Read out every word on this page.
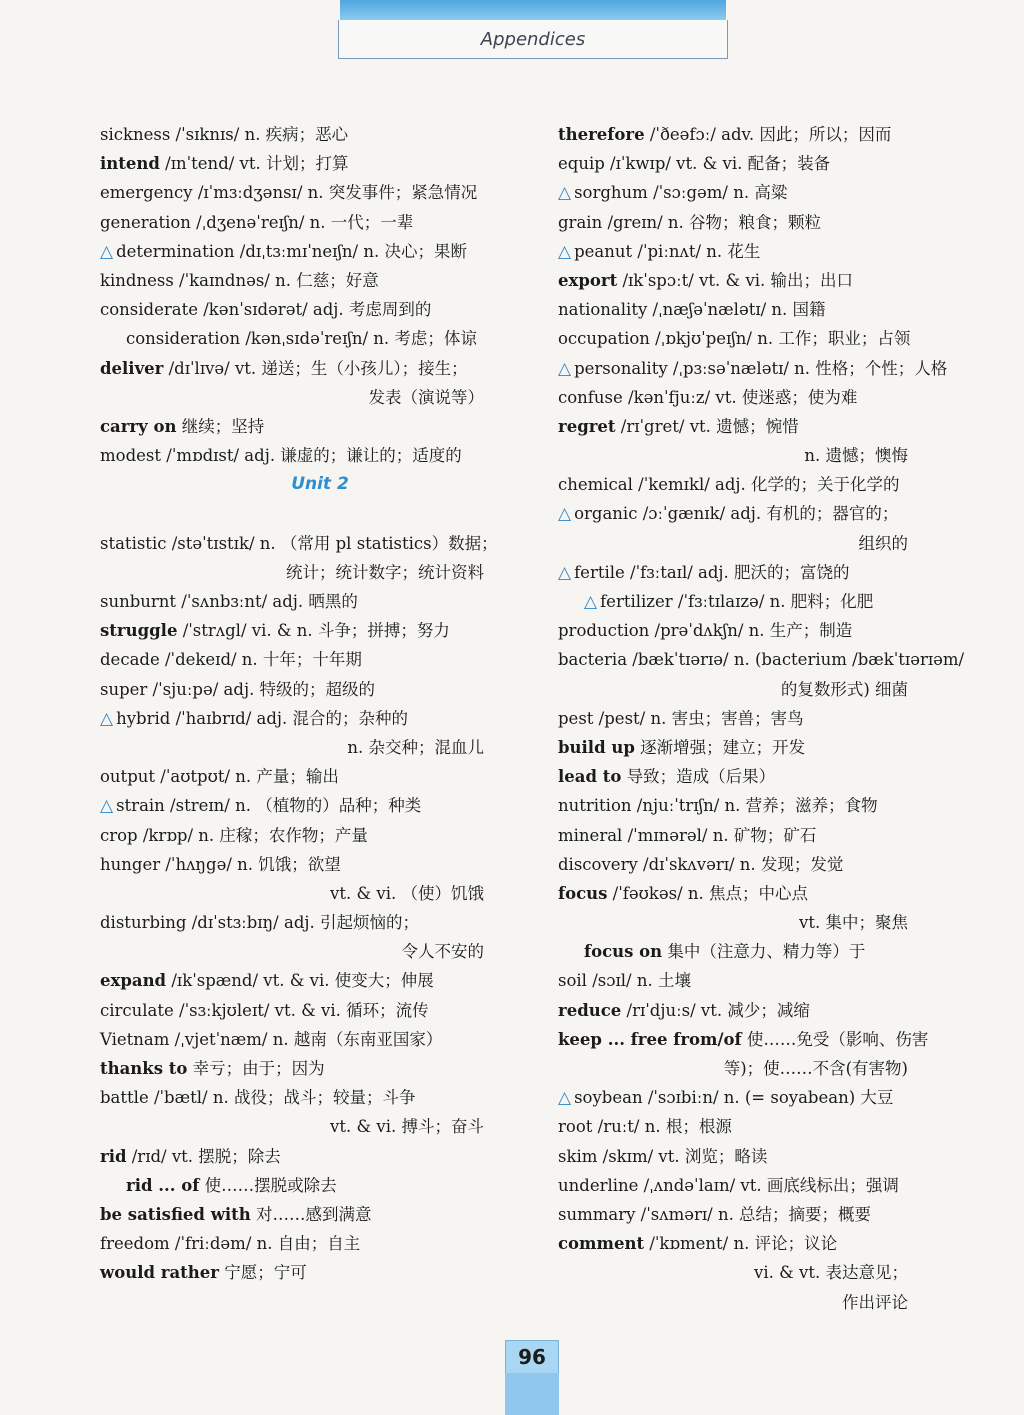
Appendices
sickness /ˈsɪknɪs/ n. 疾病；恶心
intend /ɪnˈtend/ vt. 计划；打算
emergency /ɪˈmɜːdʒənsɪ/ n. 突发事件；紧急情况
generation /ˌdʒenəˈreɪʃn/ n. 一代；一辈
△ determination /dɪˌtɜːmɪˈneɪʃn/ n. 决心；果断
kindness /ˈkaɪndnəs/ n. 仁慈；好意
considerate /kənˈsɪdərət/ adj. 考虑周到的
consideration /kənˌsɪdəˈreɪʃn/ n. 考虑；体谅
deliver /dɪˈlɪvə/ vt. 递送；生（小孩儿）；接生；
发表（演说等）
carry on 继续；坚持
modest /ˈmɒdɪst/ adj. 谦虚的；谦让的；适度的
Unit 2
statistic /stəˈtɪstɪk/ n. （常用 pl statistics）数据；
统计；统计数字；统计资料
sunburnt /ˈsʌnbɜːnt/ adj. 晒黑的
struggle /ˈstrʌgl/ vi. & n. 斗争；拼搏；努力
decade /ˈdekeɪd/ n. 十年；十年期
super /ˈsjuːpə/ adj. 特级的；超级的
△ hybrid /ˈhaɪbrɪd/ adj. 混合的；杂种的
n. 杂交种；混血儿
output /ˈaʊtpʊt/ n. 产量；输出
△ strain /streɪn/ n. （植物的）品种；种类
crop /krɒp/ n. 庄稼；农作物；产量
hunger /ˈhʌŋgə/ n. 饥饿；欲望
vt. & vi. （使）饥饿
disturbing /dɪˈstɜːbɪŋ/ adj. 引起烦恼的；
令人不安的
expand /ɪkˈspænd/ vt. & vi. 使变大；伸展
circulate /ˈsɜːkjʊleɪt/ vt. & vi. 循环；流传
Vietnam /ˌvjetˈnæm/ n. 越南（东南亚国家）
thanks to 幸亏；由于；因为
battle /ˈbætl/ n. 战役；战斗；较量；斗争
vt. & vi. 搏斗；奋斗
rid /rɪd/ vt. 摆脱；除去
rid ... of 使……摆脱或除去
be satisfied with 对……感到满意
freedom /ˈfriːdəm/ n. 自由；自主
would rather 宁愿；宁可
therefore /ˈðeəfɔː/ adv. 因此；所以；因而
equip /ɪˈkwɪp/ vt. & vi. 配备；装备
△ sorghum /ˈsɔːgəm/ n. 高粱
grain /greɪn/ n. 谷物；粮食；颗粒
△ peanut /ˈpiːnʌt/ n. 花生
export /ɪkˈspɔːt/ vt. & vi. 输出；出口
nationality /ˌnæʃəˈnælətɪ/ n. 国籍
occupation /ˌɒkjʊˈpeɪʃn/ n. 工作；职业；占领
△ personality /ˌpɜːsəˈnælətɪ/ n. 性格；个性；人格
confuse /kənˈfjuːz/ vt. 使迷惑；使为难
regret /rɪˈgret/ vt. 遗憾；惋惜
n. 遗憾；懊悔
chemical /ˈkemɪkl/ adj. 化学的；关于化学的
△ organic /ɔːˈgænɪk/ adj. 有机的；器官的；
组织的
△ fertile /ˈfɜːtaɪl/ adj. 肥沃的；富饶的
△ fertilizer /ˈfɜːtɪlaɪzə/ n. 肥料；化肥
production /prəˈdʌkʃn/ n. 生产；制造
bacteria /bækˈtɪərɪə/ n. (bacterium /bækˈtɪərɪəm/
的复数形式) 细菌
pest /pest/ n. 害虫；害兽；害鸟
build up 逐渐增强；建立；开发
lead to 导致；造成（后果）
nutrition /njuːˈtrɪʃn/ n. 营养；滋养；食物
mineral /ˈmɪnərəl/ n. 矿物；矿石
discovery /dɪˈskʌvərɪ/ n. 发现；发觉
focus /ˈfəʊkəs/ n. 焦点；中心点
vt. 集中；聚焦
focus on 集中（注意力、精力等）于
soil /sɔɪl/ n. 土壤
reduce /rɪˈdjuːs/ vt. 减少；减缩
keep ... free from/of 使……免受（影响、伤害
等)；使……不含(有害物)
△ soybean /ˈsɔɪbiːn/ n. (= soyabean) 大豆
root /ruːt/ n. 根；根源
skim /skɪm/ vt. 浏览；略读
underline /ˌʌndəˈlaɪn/ vt. 画底线标出；强调
summary /ˈsʌmərɪ/ n. 总结；摘要；概要
comment /ˈkɒment/ n. 评论；议论
vi. & vt. 表达意见；
作出评论
96
